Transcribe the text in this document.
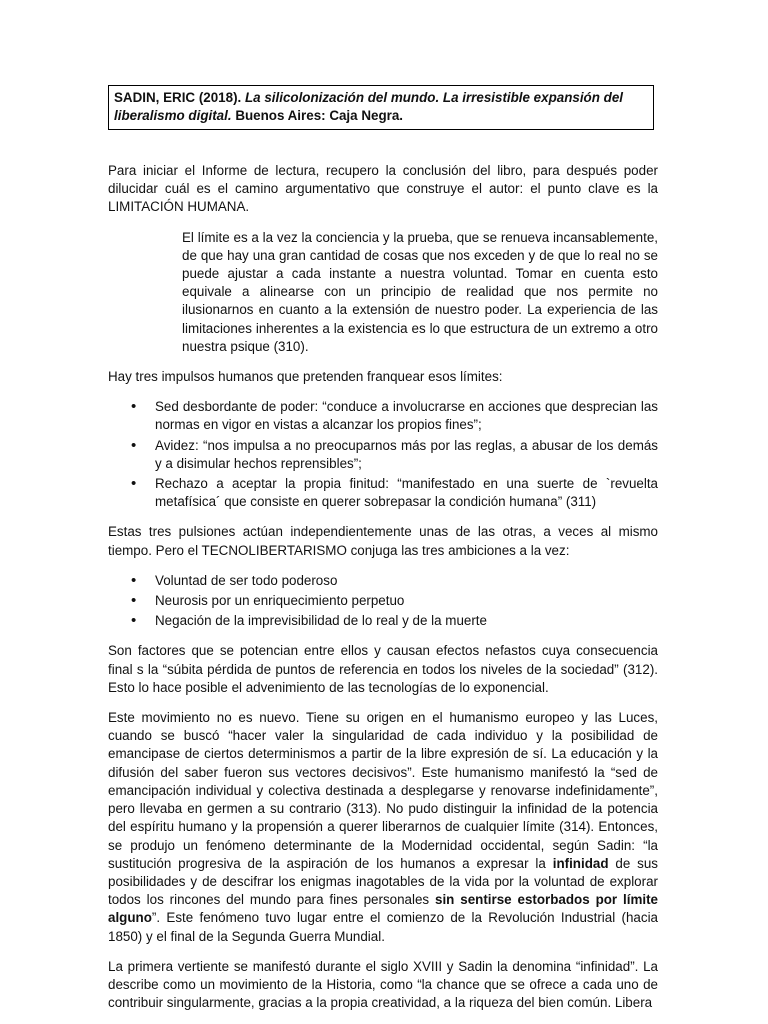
SADIN, ERIC (2018). La silicolonización del mundo. La irresistible expansión del liberalismo digital. Buenos Aires: Caja Negra.

Para iniciar el Informe de lectura, recupero la conclusión del libro, para después poder dilucidar cuál es el camino argumentativo que construye el autor: el punto clave es la LIMITACIÓN HUMANA.

El límite es a la vez la conciencia y la prueba, que se renueva incansablemente, de que hay una gran cantidad de cosas que nos exceden y de que lo real no se puede ajustar a cada instante a nuestra voluntad. Tomar en cuenta esto equivale a alinearse con un principio de realidad que nos permite no ilusionarnos en cuanto a la extensión de nuestro poder. La experiencia de las limitaciones inherentes a la existencia es lo que estructura de un extremo a otro nuestra psique (310).

Hay tres impulsos humanos que pretenden franquear esos límites:

• Sed desbordante de poder: “conduce a involucrarse en acciones que desprecian las normas en vigor en vistas a alcanzar los propios fines”;
• Avidez: “nos impulsa a no preocuparnos más por las reglas, a abusar de los demás y a disimular hechos reprensibles”;
• Rechazo a aceptar la propia finitud: “manifestado en una suerte de `revuelta metafísica´ que consiste en querer sobrepasar la condición humana” (311)

Estas tres pulsiones actúan independientemente unas de las otras, a veces al mismo tiempo. Pero el TECNOLIBERTARISMO conjuga las tres ambiciones a la vez:

• Voluntad de ser todo poderoso
• Neurosis por un enriquecimiento perpetuo
• Negación de la imprevisibilidad de lo real y de la muerte

Son factores que se potencian entre ellos y causan efectos nefastos cuya consecuencia final s la “súbita pérdida de puntos de referencia en todos los niveles de la sociedad” (312). Esto lo hace posible el advenimiento de las tecnologías de lo exponencial.

Este movimiento no es nuevo. Tiene su origen en el humanismo europeo y las Luces, cuando se buscó “hacer valer la singularidad de cada individuo y la posibilidad de emancipase de ciertos determinismos a partir de la libre expresión de sí. La educación y la difusión del saber fueron sus vectores decisivos”. Este humanismo manifestó la “sed de emancipación individual y colectiva destinada a desplegarse y renovarse indefinidamente”, pero llevaba en germen a su contrario (313). No pudo distinguir la infinidad de la potencia del espíritu humano y la propensión a querer liberarnos de cualquier límite (314). Entonces, se produjo un fenómeno determinante de la Modernidad occidental, según Sadin: “la sustitución progresiva de la aspiración de los humanos a expresar la infinidad de sus posibilidades y de descifrar los enigmas inagotables de la vida por la voluntad de explorar todos los rincones del mundo para fines personales sin sentirse estorbados por límite alguno”. Este fenómeno tuvo lugar entre el comienzo de la Revolución Industrial (hacia 1850) y el final de la Segunda Guerra Mundial.

La primera vertiente se manifestó durante el siglo XVIII y Sadin la denomina “infinidad”. La describe como un movimiento de la Historia, como “la chance que se ofrece a cada uno de contribuir singularmente, gracias a la propia creatividad, a la riqueza del bien común. Libera
